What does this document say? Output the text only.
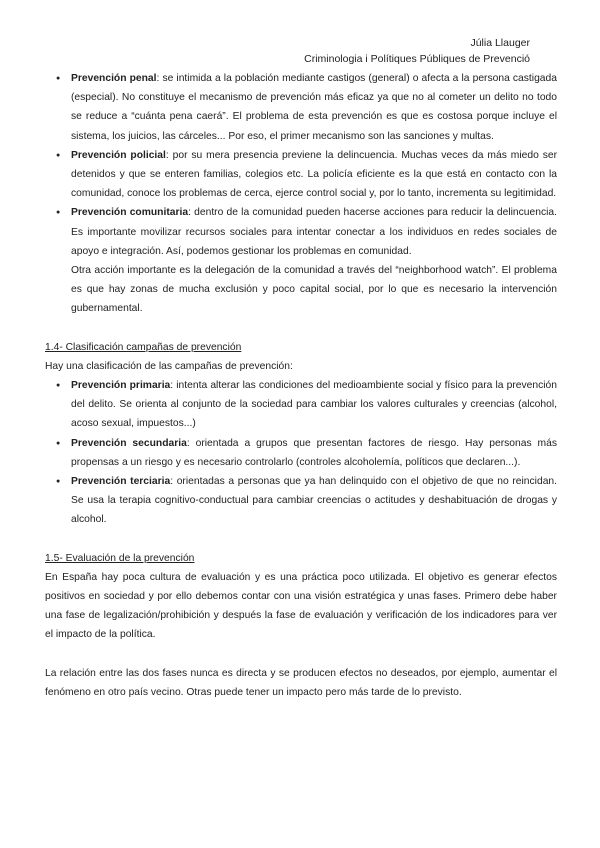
Júlia Llauger
Criminologia i Polítiques Públiques de Prevenció
● Prevención penal: se intimida a la población mediante castigos (general) o afecta a la persona castigada (especial). No constituye el mecanismo de prevención más eficaz ya que no al cometer un delito no todo se reduce a “cuánta pena caerá”. El problema de esta prevención es que es costosa porque incluye el sistema, los juicios, las cárceles... Por eso, el primer mecanismo son las sanciones y multas.
● Prevención policial: por su mera presencia previene la delincuencia. Muchas veces da más miedo ser detenidos y que se enteren familias, colegios etc. La policía eficiente es la que está en contacto con la comunidad, conoce los problemas de cerca, ejerce control social y, por lo tanto, incrementa su legitimidad.
● Prevención comunitaria: dentro de la comunidad pueden hacerse acciones para reducir la delincuencia. Es importante movilizar recursos sociales para intentar conectar a los individuos en redes sociales de apoyo e integración. Así, podemos gestionar los problemas en comunidad.

Otra acción importante es la delegación de la comunidad a través del “neighborhood watch”. El problema es que hay zonas de mucha exclusión y poco capital social, por lo que es necesario la intervención gubernamental.

1.4- Clasificación campañas de prevención

Hay una clasificación de las campañas de prevención:

● Prevención primaria: intenta alterar las condiciones del medioambiente social y físico para la prevención del delito. Se orienta al conjunto de la sociedad para cambiar los valores culturales y creencias (alcohol, acoso sexual, impuestos...)
● Prevención secundaria: orientada a grupos que presentan factores de riesgo. Hay personas más propensas a un riesgo y es necesario controlarlo (controles alcoholemía, políticos que declaren...).
● Prevención terciaria: orientadas a personas que ya han delinquido con el objetivo de que no reincidan. Se usa la terapia cognitivo-conductual para cambiar creencias o actitudes y deshabituación de drogas y alcohol.
1.5- Evaluación de la prevención

En España hay poca cultura de evaluación y es una práctica poco utilizada. El objetivo es generar efectos positivos en sociedad y por ello debemos contar con una visión estratégica y unas fases. Primero debe haber una fase de legalización/prohibición y después la fase de evaluación y verificación de los indicadores para ver el impacto de la política.

La relación entre las dos fases nunca es directa y se producen efectos no deseados, por ejemplo, aumentar el fenómeno en otro país vecino. Otras puede tener un impacto pero más tarde de lo previsto.
